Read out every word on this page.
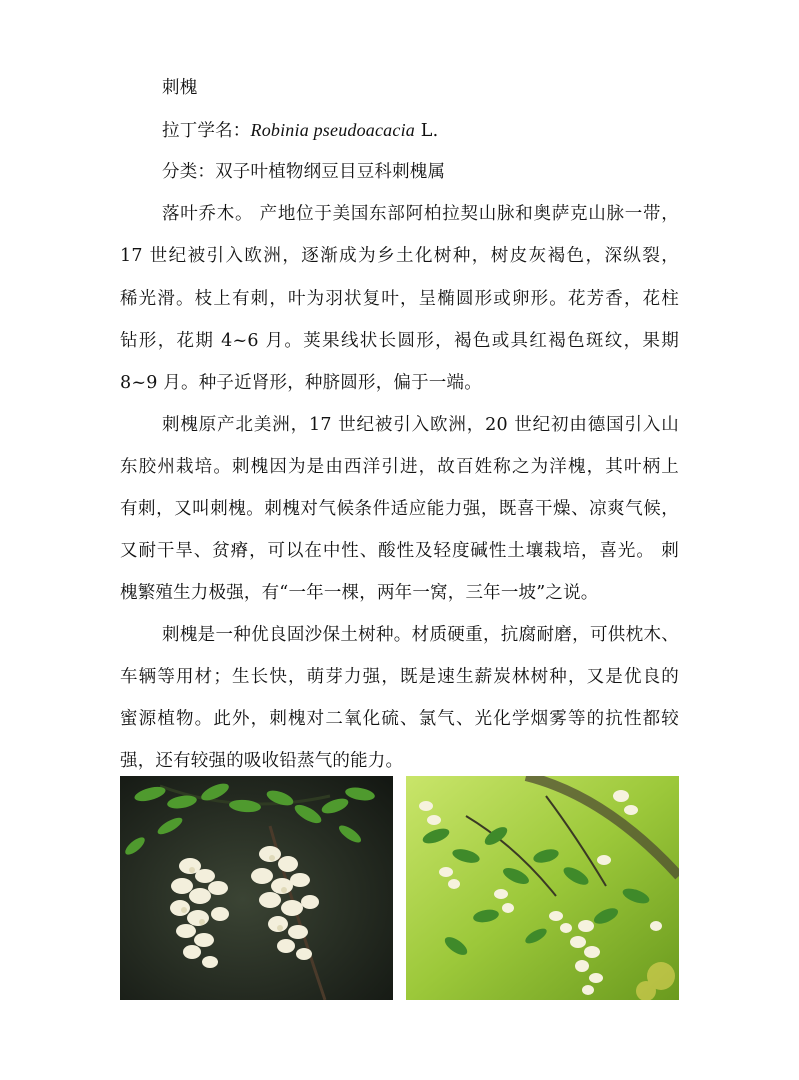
刺槐
拉丁学名：Robinia pseudoacacia L.
分类：双子叶植物纲豆目豆科刺槐属
落叶乔木。 产地位于美国东部阿柏拉契山脉和奥萨克山脉一带，
17 世纪被引入欧洲，逐渐成为乡土化树种，树皮灰褐色，深纵裂，
稀光滑。枝上有刺，叶为羽状复叶，呈椭圆形或卵形。花芳香，花柱
钻形，花期 4~6 月。荚果线状长圆形，褐色或具红褐色斑纹，果期
8~9 月。种子近肾形，种脐圆形，偏于一端。
刺槐原产北美洲，17 世纪被引入欧洲，20 世纪初由德国引入山
东胶州栽培。刺槐因为是由西洋引进，故百姓称之为洋槐，其叶柄上
有刺，又叫刺槐。刺槐对气候条件适应能力强，既喜干燥、凉爽气候，
又耐干旱、贫瘠，可以在中性、酸性及轻度碱性土壤栽培，喜光。 刺
槐繁殖生力极强，有“一年一棵，两年一窝，三年一坡”之说。
刺槐是一种优良固沙保土树种。材质硬重，抗腐耐磨，可供枕木、
车辆等用材；生长快，萌芽力强，既是速生薪炭林树种，又是优良的
蜜源植物。此外，刺槐对二氧化硫、氯气、光化学烟雾等的抗性都较
强，还有较强的吸收铅蒸气的能力。
